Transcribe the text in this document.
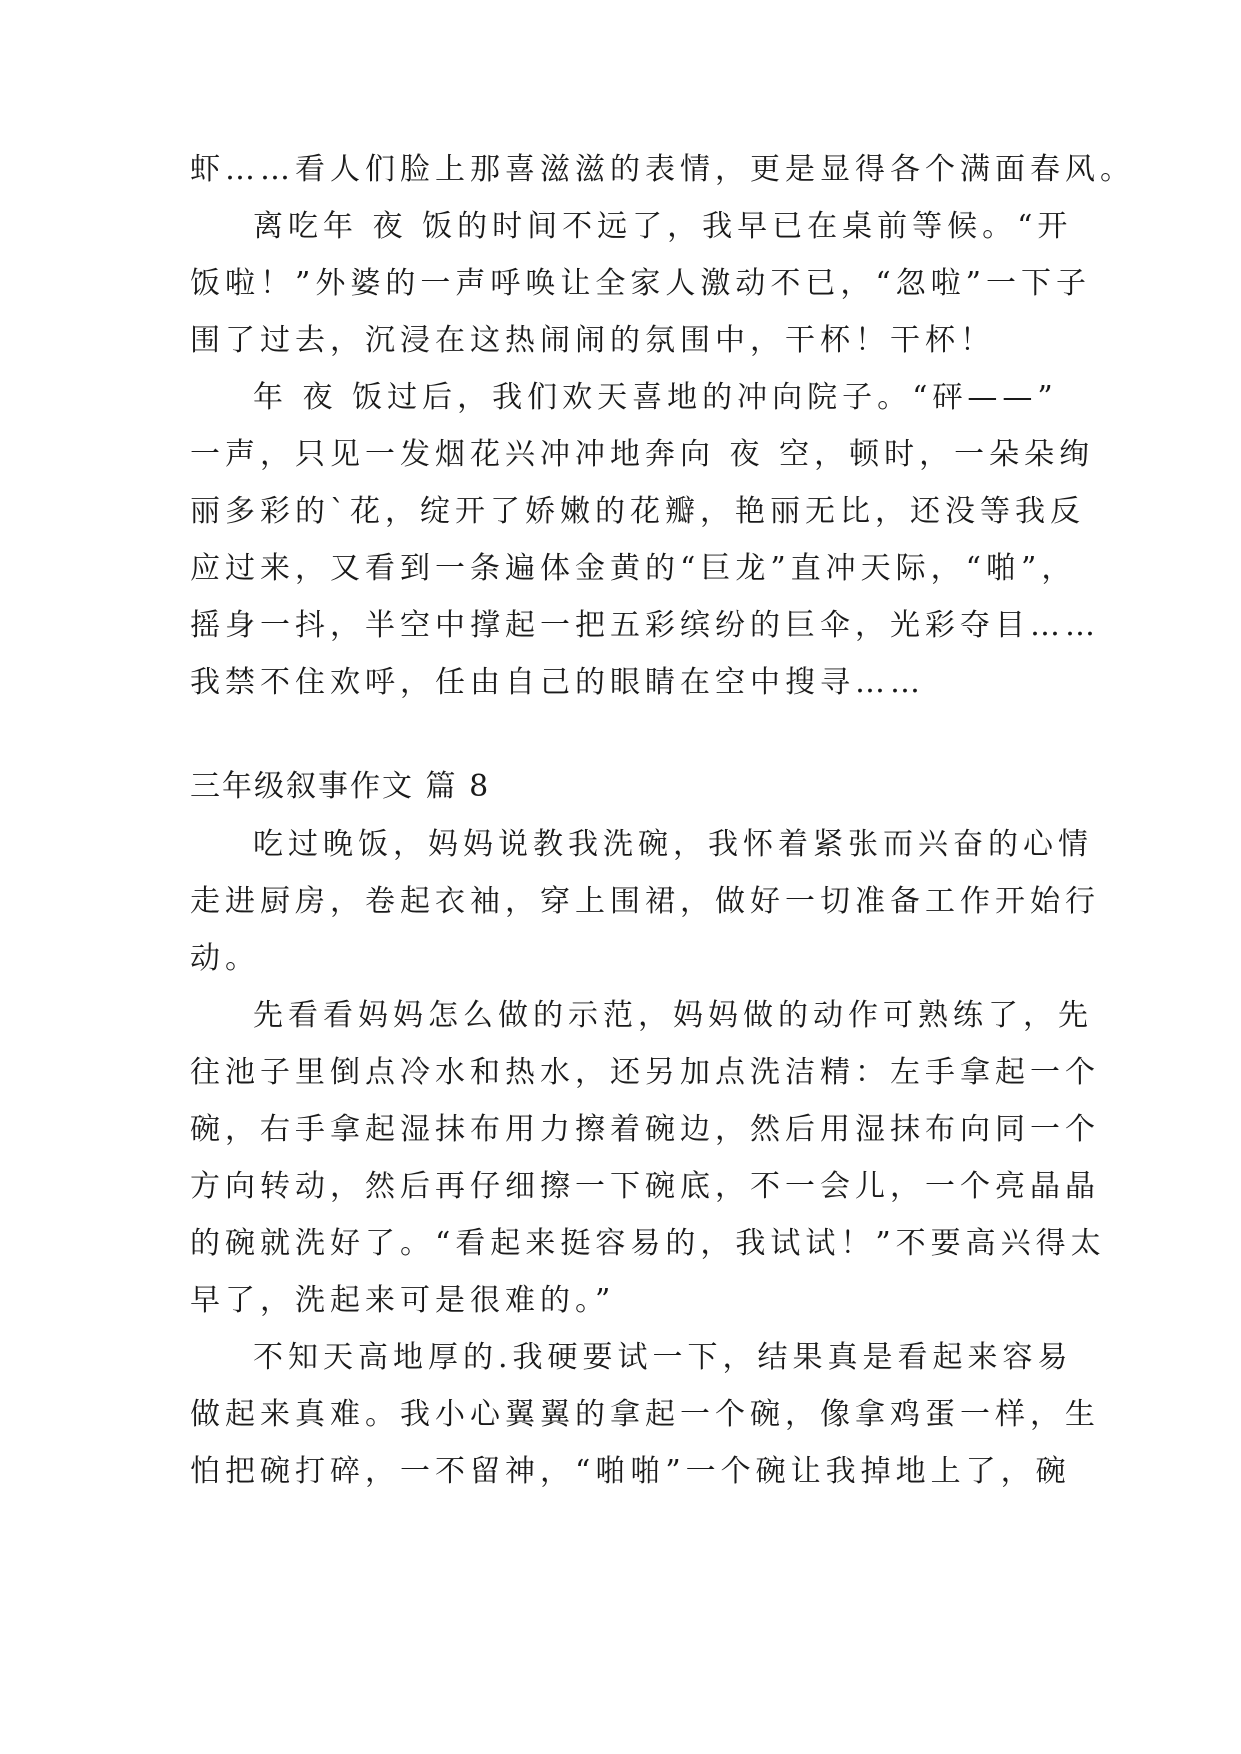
虾……看人们脸上那喜滋滋的表情，更是显得各个满面春风。
离吃年 夜 饭的时间不远了，我早已在桌前等候。“开
饭啦！”外婆的一声呼唤让全家人激动不已，“忽啦”一下子
围了过去，沉浸在这热闹闹的氛围中，干杯！干杯！
年 夜 饭过后，我们欢天喜地的冲向院子。“砰——”
一声，只见一发烟花兴冲冲地奔向 夜 空，顿时，一朵朵绚
丽多彩的`花，绽开了娇嫩的花瓣，艳丽无比，还没等我反
应过来，又看到一条遍体金黄的“巨龙”直冲天际，“啪”，
摇身一抖，半空中撑起一把五彩缤纷的巨伞，光彩夺目……
我禁不住欢呼，任由自己的眼睛在空中搜寻……
三年级叙事作文 篇 8
吃过晚饭，妈妈说教我洗碗，我怀着紧张而兴奋的心情
走进厨房，卷起衣袖，穿上围裙，做好一切准备工作开始行
动。
先看看妈妈怎么做的示范，妈妈做的动作可熟练了，先
往池子里倒点冷水和热水，还另加点洗洁精：左手拿起一个
碗，右手拿起湿抹布用力擦着碗边，然后用湿抹布向同一个
方向转动，然后再仔细擦一下碗底，不一会儿，一个亮晶晶
的碗就洗好了。“看起来挺容易的，我试试！”不要高兴得太
早了，洗起来可是很难的。”
不知天高地厚的.我硬要试一下，结果真是看起来容易
做起来真难。我小心翼翼的拿起一个碗，像拿鸡蛋一样，生
怕把碗打碎，一不留神，“啪啪”一个碗让我掉地上了，碗
